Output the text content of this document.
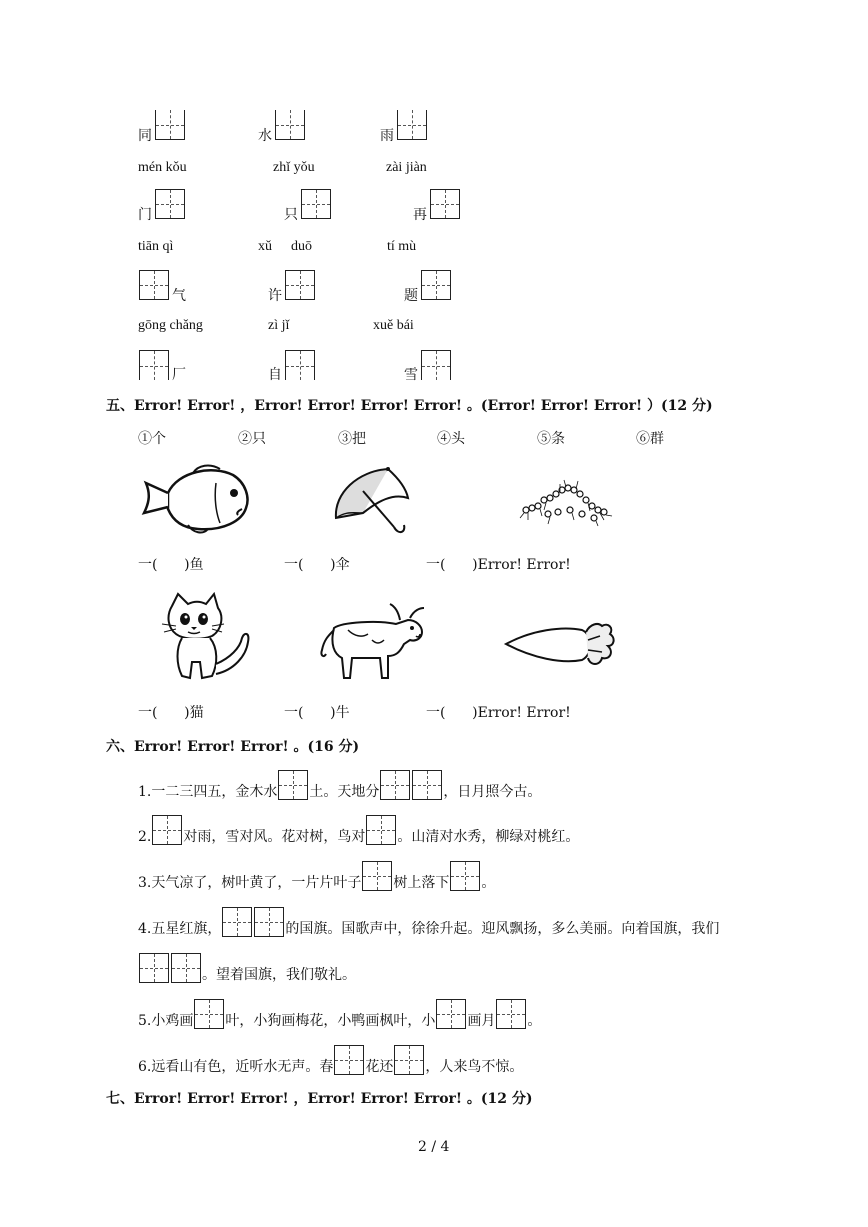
同	水	雨
mén kǒu	zhǐ yǒu	zài jiàn
门	只	再
tiān qì	xǔ duō	tí mù
气	许	题
gōng chǎng	zì jǐ	xuě bái
厂	自	雪
五、Error! Error! ，Error! Error! Error! Error! 。(Error! Error! Error! ）(12 分)
①个	②只	③把	④头	⑤条	⑥群
一(      )鱼	一(      )伞	一(      )Error! Error!
一(      )猫	一(      )牛	一(      )Error! Error!
六、Error! Error! Error! 。(16 分)
1.一二三四五，金木水 土。天地分	，日月照今古。
2. 对雨，雪对风。花对树，鸟对 。山清对水秀，柳绿对桃红。
3.天气凉了，树叶黄了，一片片叶子 树上落下 。
4.五星红旗，	的国旗。国歌声中，徐徐升起。迎风飘扬，多么美丽。向着国旗，我们
。望着国旗，我们敬礼。
5.小鸡画 叶，小狗画梅花，小鸭画枫叶，小 画月 。
6.远看山有色，近听水无声。春 花还 ，人来鸟不惊。
七、Error! Error! Error! ，Error! Error! Error! 。(12 分)
2 / 4
